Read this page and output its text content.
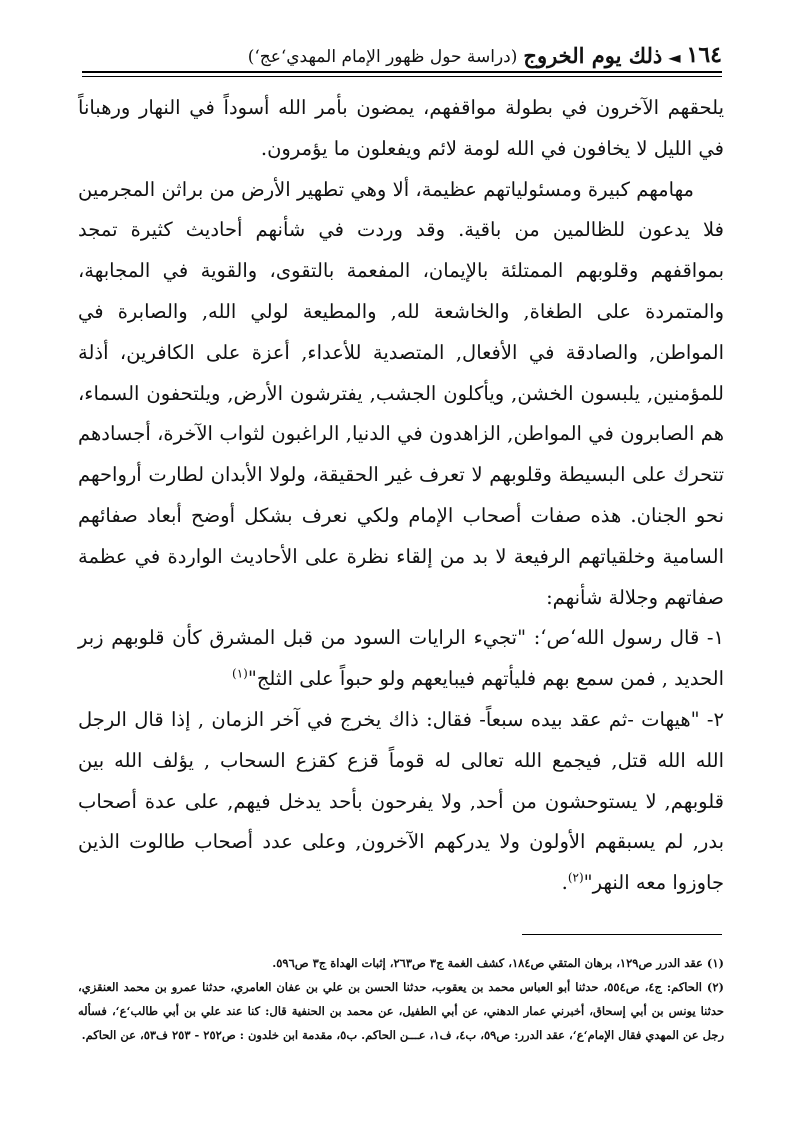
١٦٤
◄
ذلك يوم الخروج
(دراسة حول ظهور الإمام المهدي‘عج‘)

يلحقهم الآخرون في بطولة مواقفهم، يمضون بأمر الله أسوداً في النهار ورهباناً في الليل لا يخافون في الله لومة لائم ويفعلون ما يؤمرون.

مهامهم كبيرة ومسئولياتهم عظيمة، ألا وهي تطهير الأرض من براثن المجرمين فلا يدعون للظالمين من باقية. وقد وردت في شأنهم أحاديث كثيرة تمجد بمواقفهم وقلوبهم الممتلئة بالإيمان، المفعمة بالتقوى، والقوية في المجابهة، والمتمردة على الطغاة, والخاشعة لله, والمطيعة لولي الله, والصابرة في المواطن, والصادقة في الأفعال, المتصدية للأعداء, أعزة على الكافرين، أذلة للمؤمنين, يلبسون الخشن, ويأكلون الجشب, يفترشون الأرض, ويلتحفون السماء، هم الصابرون في المواطن, الزاهدون في الدنيا, الراغبون لثواب الآخرة، أجسادهم تتحرك على البسيطة وقلوبهم لا تعرف غير الحقيقة، ولولا الأبدان لطارت أرواحهم نحو الجنان. هذه صفات أصحاب الإمام ولكي نعرف بشكل أوضح أبعاد صفائهم السامية وخلقياتهم الرفيعة لا بد من إلقاء نظرة على الأحاديث الواردة في عظمة صفاتهم وجلالة شأنهم:

١- قال رسول الله‘ص‘: "تجيء الرايات السود من قبل المشرق كأن قلوبهم زبر الحديد , فمن سمع بهم فليأتهم فيبايعهم ولو حبواً على الثلج"$^{(١)}$

٢- "هيهات -ثم عقد بيده سبعاً- فقال: ذاك يخرج في آخر الزمان , إذا قال الرجل الله الله قتل, فيجمع الله تعالى له قوماً قزع كقزع السحاب , يؤلف الله بين قلوبهم, لا يستوحشون من أحد, ولا يفرحون بأحد يدخل فيهم, على عدة أصحاب بدر, لم يسبقهم الأولون ولا يدركهم الآخرون, وعلى عدد أصحاب طالوت الذين جاوزوا معه النهر"$^{(٢)}$.

(١) عقد الدرر ص١٢٩، برهان المتقي ص١٨٤، كشف الغمة ج٣ ص٢٦٣، إثبات الهداة ج٣ ص٥٩٦.

(٢) الحاكم: ج٤، ص٥٥٤، حدثنا أبو العباس محمد بن يعقوب، حدثنا الحسن بن علي بن عفان العامري، حدثنا عمرو بن محمد العنقزي، حدثنا يونس بن أبي إسحاق، أخبرني عمار الدهني، عن أبي الطفيل، عن محمد بن الحنفية قال: كنا عند علي بن أبي طالب‘ع‘، فسأله رجل عن المهدي فقال الإمام‘ع‘، عقد الدرر: ص٥٩، ب٤، ف١، عـــن الحاكم. ب٥، مقدمة ابن خلدون : ص٢٥٢ - ٢٥٣ ف٥٣، عن الحاكم.
